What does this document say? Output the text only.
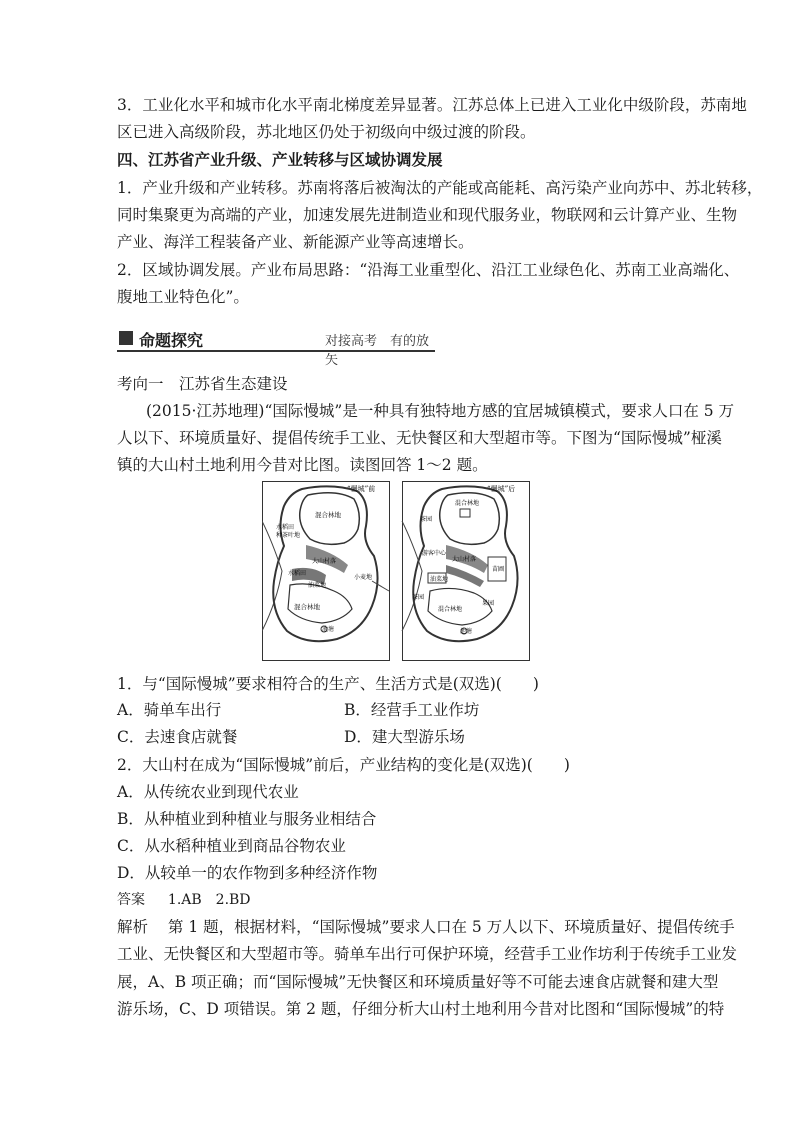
3．工业化水平和城市化水平南北梯度差异显著。江苏总体上已进入工业化中级阶段，苏南地
区已进入高级阶段，苏北地区仍处于初级向中级过渡的阶段。
四、江苏省产业升级、产业转移与区域协调发展
1．产业升级和产业转移。苏南将落后被淘汰的产能或高能耗、高污染产业向苏中、苏北转移，
同时集聚更为高端的产业，加速发展先进制造业和现代服务业，物联网和云计算产业、生物
产业、海洋工程装备产业、新能源产业等高速增长。
2．区域协调发展。产业布局思路：“沿海工业重型化、沿江工业绿色化、苏南工业高端化、
腹地工业特色化”。
命题探究	对接高考　有的放矢
考向一　江苏省生态建设
(2015·江苏地理)“国际慢城”是一种具有独特地方感的宜居城镇模式，要求人口在 5 万
人以下、环境质量好、提倡传统手工业、无快餐区和大型超市等。下图为“国际慢城”桠溪
镇的大山村土地利用今昔对比图。读图回答 1～2 题。
“慢城”前
混合林地
水稻田
种茶叶地
大山村落
小麦地
水稻田
油菜地
混合林地
池塘
“慢城”后
混合林地
茶园
游客中心
大山村落
苗圃
油菜地
茶园
混合林地
果园
池塘
1．与“国际慢城”要求相符合的生产、生活方式是(双选)(　　)
A．骑单车出行	B．经营手工业作坊
C．去速食店就餐	D．建大型游乐场
2．大山村在成为“国际慢城”前后，产业结构的变化是(双选)(　　)
A．从传统农业到现代农业
B．从种植业到种植业与服务业相结合
C．从水稻种植业到商品谷物农业
D．从较单一的农作物到多种经济作物
答案 1.AB　2.BD
解析 第 1 题，根据材料，“国际慢城”要求人口在 5 万人以下、环境质量好、提倡传统手
工业、无快餐区和大型超市等。骑单车出行可保护环境，经营手工业作坊利于传统手工业发
展，A、B 项正确；而“国际慢城”无快餐区和环境质量好等不可能去速食店就餐和建大型
游乐场，C、D 项错误。第 2 题，仔细分析大山村土地利用今昔对比图和“国际慢城”的特
